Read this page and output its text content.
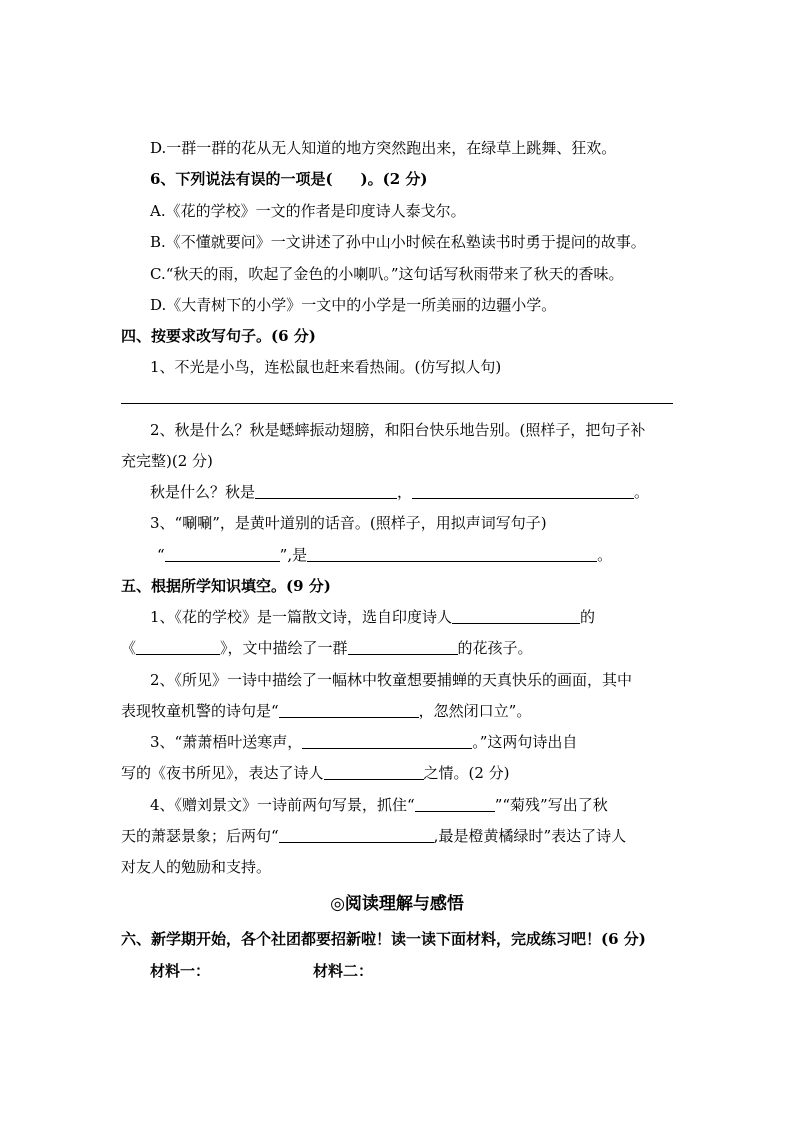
D.一群一群的花从无人知道的地方突然跑出来，在绿草上跳舞、狂欢。
6、下列说法有误的一项是( )。(2 分)
A.《花的学校》一文的作者是印度诗人泰戈尔。
B.《不懂就要问》一文讲述了孙中山小时候在私塾读书时勇于提问的故事。
C.“秋天的雨，吹起了金色的小喇叭。”这句话写秋雨带来了秋天的香味。
D.《大青树下的小学》一文中的小学是一所美丽的边疆小学。
四、按要求改写句子。(6 分)
1、不光是小鸟，连松鼠也赶来看热闹。(仿写拟人句)
2、秋是什么？秋是蟋蟀振动翅膀，和阳台快乐地告别。(照样子，把句子补
充完整)(2 分)
秋是什么？秋是	，	。
3、“唰唰”，是黄叶道别的话音。(照样子，用拟声词写句子)
“	”,是	。
五、根据所学知识填空。(9 分)
1、《花的学校》是一篇散文诗，选自印度诗人	的
《	》，文中描绘了一群	的花孩子。
2、《所见》一诗中描绘了一幅林中牧童想要捕蝉的天真快乐的画面，其中
表现牧童机警的诗句是“	，忽然闭口立”。
3、“萧萧梧叶送寒声，	。”这两句诗出自
写的《夜书所见》，表达了诗人	之情。(2 分)
4、《赠刘景文》一诗前两句写景，抓住“	”“菊残”写出了秋
天的萧瑟景象；后两句“	,最是橙黄橘绿时”表达了诗人
对友人的勉励和支持。
◎阅读理解与感悟
六、新学期开始，各个社团都要招新啦！读一读下面材料，完成练习吧！(6 分)
材料一：	材料二：
